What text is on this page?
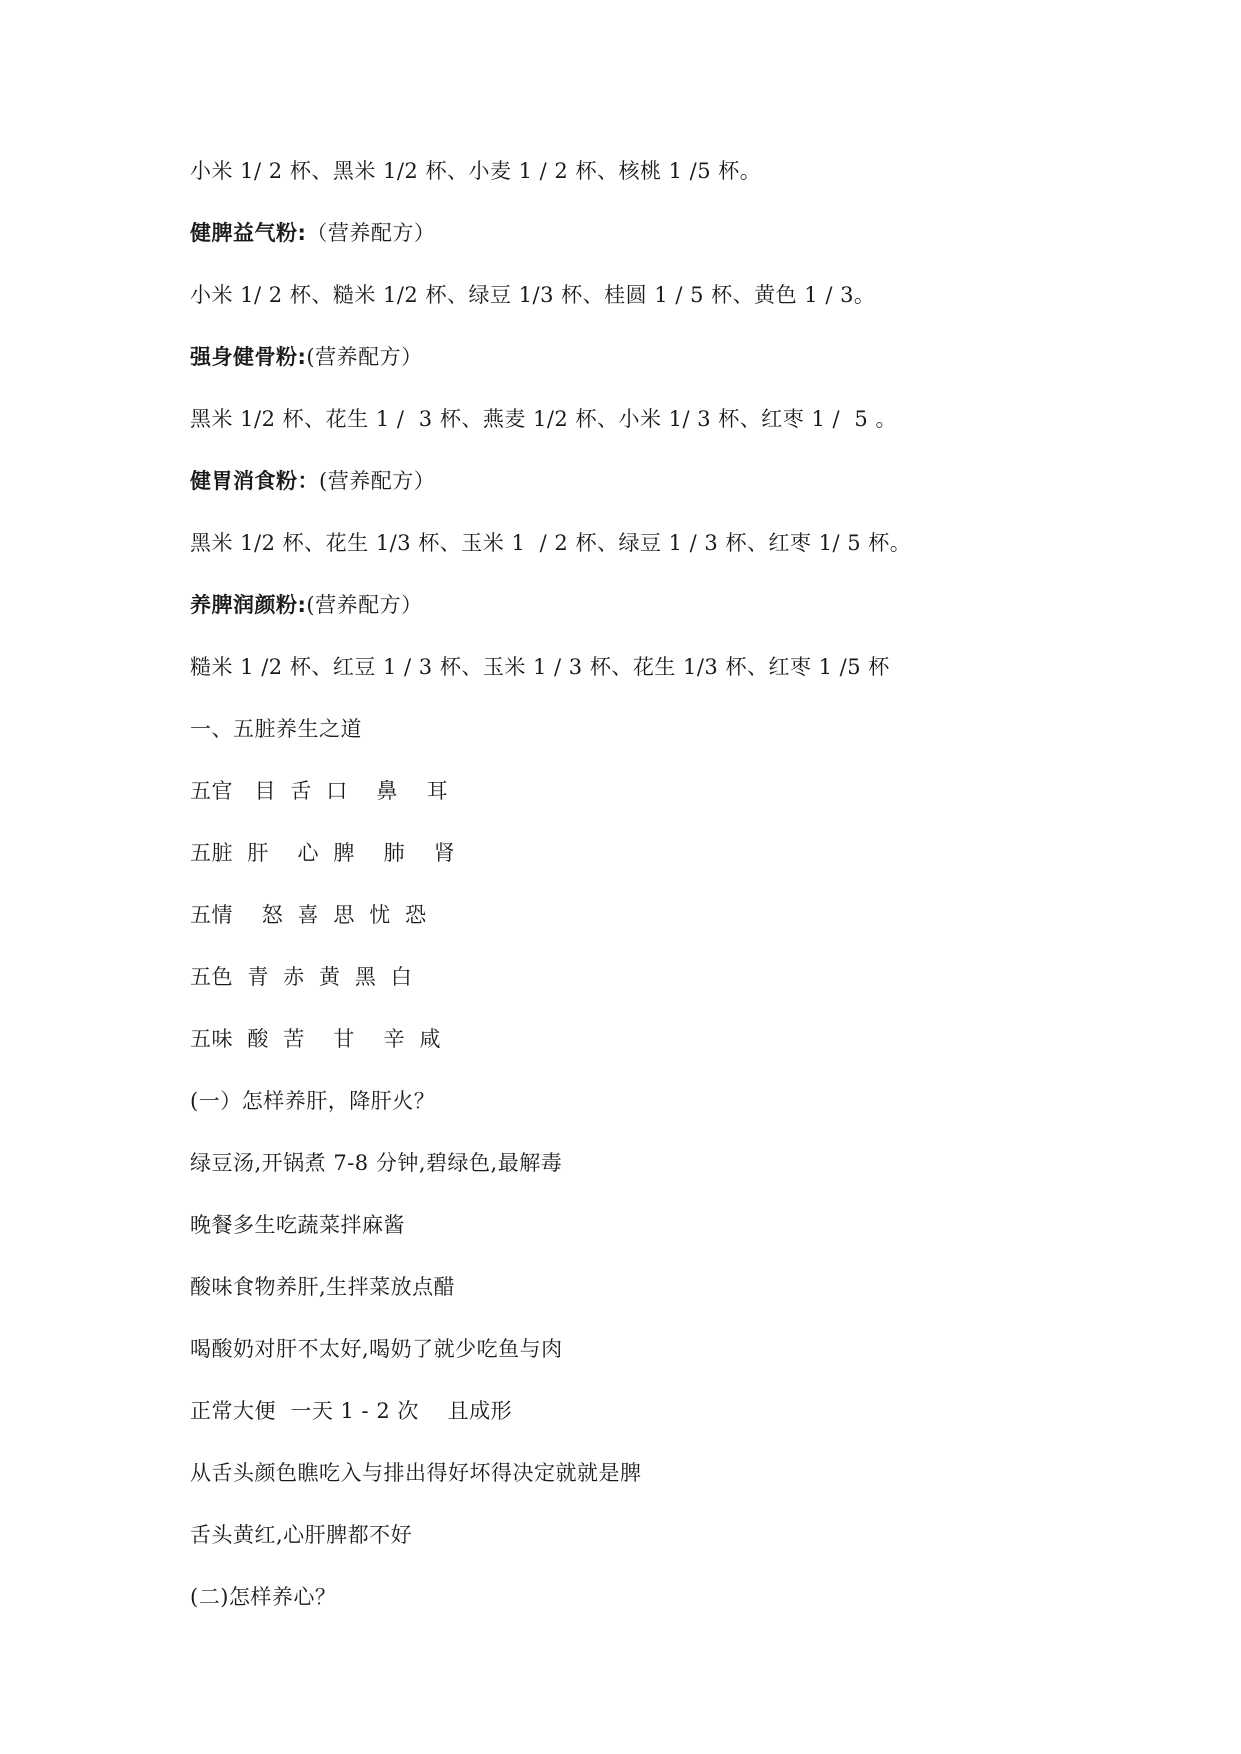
小米 1/ 2 杯、黑米 1/2 杯、小麦 1 / 2 杯、核桃 1 /5 杯。
健脾益气粉:（营养配方）
小米 1/ 2 杯、糙米 1/2 杯、绿豆 1/3 杯、桂圆 1 / 5 杯、黄色 1 / 3。
强身健骨粉:(营养配方）
黑米 1/2 杯、花生 1 /  3 杯、燕麦 1/2 杯、小米 1/ 3 杯、红枣 1 /  5 。
健胃消食粉：(营养配方）
黑米 1/2 杯、花生 1/3 杯、玉米 1  / 2 杯、绿豆 1 / 3 杯、红枣 1/ 5 杯。
养脾润颜粉:(营养配方）
糙米 1 /2 杯、红豆 1 / 3 杯、玉米 1 / 3 杯、花生 1/3 杯、红枣 1 /5 杯
一、五脏养生之道
五官   目  舌  口    鼻    耳
五脏  肝    心  脾    肺    肾
五情    怒  喜  思  忧  恐
五色  青  赤  黄  黑  白
五味  酸  苦    甘    辛  咸
(一）怎样养肝，降肝火？
绿豆汤,开锅煮 7-8 分钟,碧绿色,最解毒
晚餐多生吃蔬菜拌麻酱
酸味食物养肝,生拌菜放点醋
喝酸奶对肝不太好,喝奶了就少吃鱼与肉
正常大便  一天 1 - 2 次    且成形
从舌头颜色瞧吃入与排出得好坏得决定就就是脾
舌头黄红,心肝脾都不好
(二)怎样养心？
